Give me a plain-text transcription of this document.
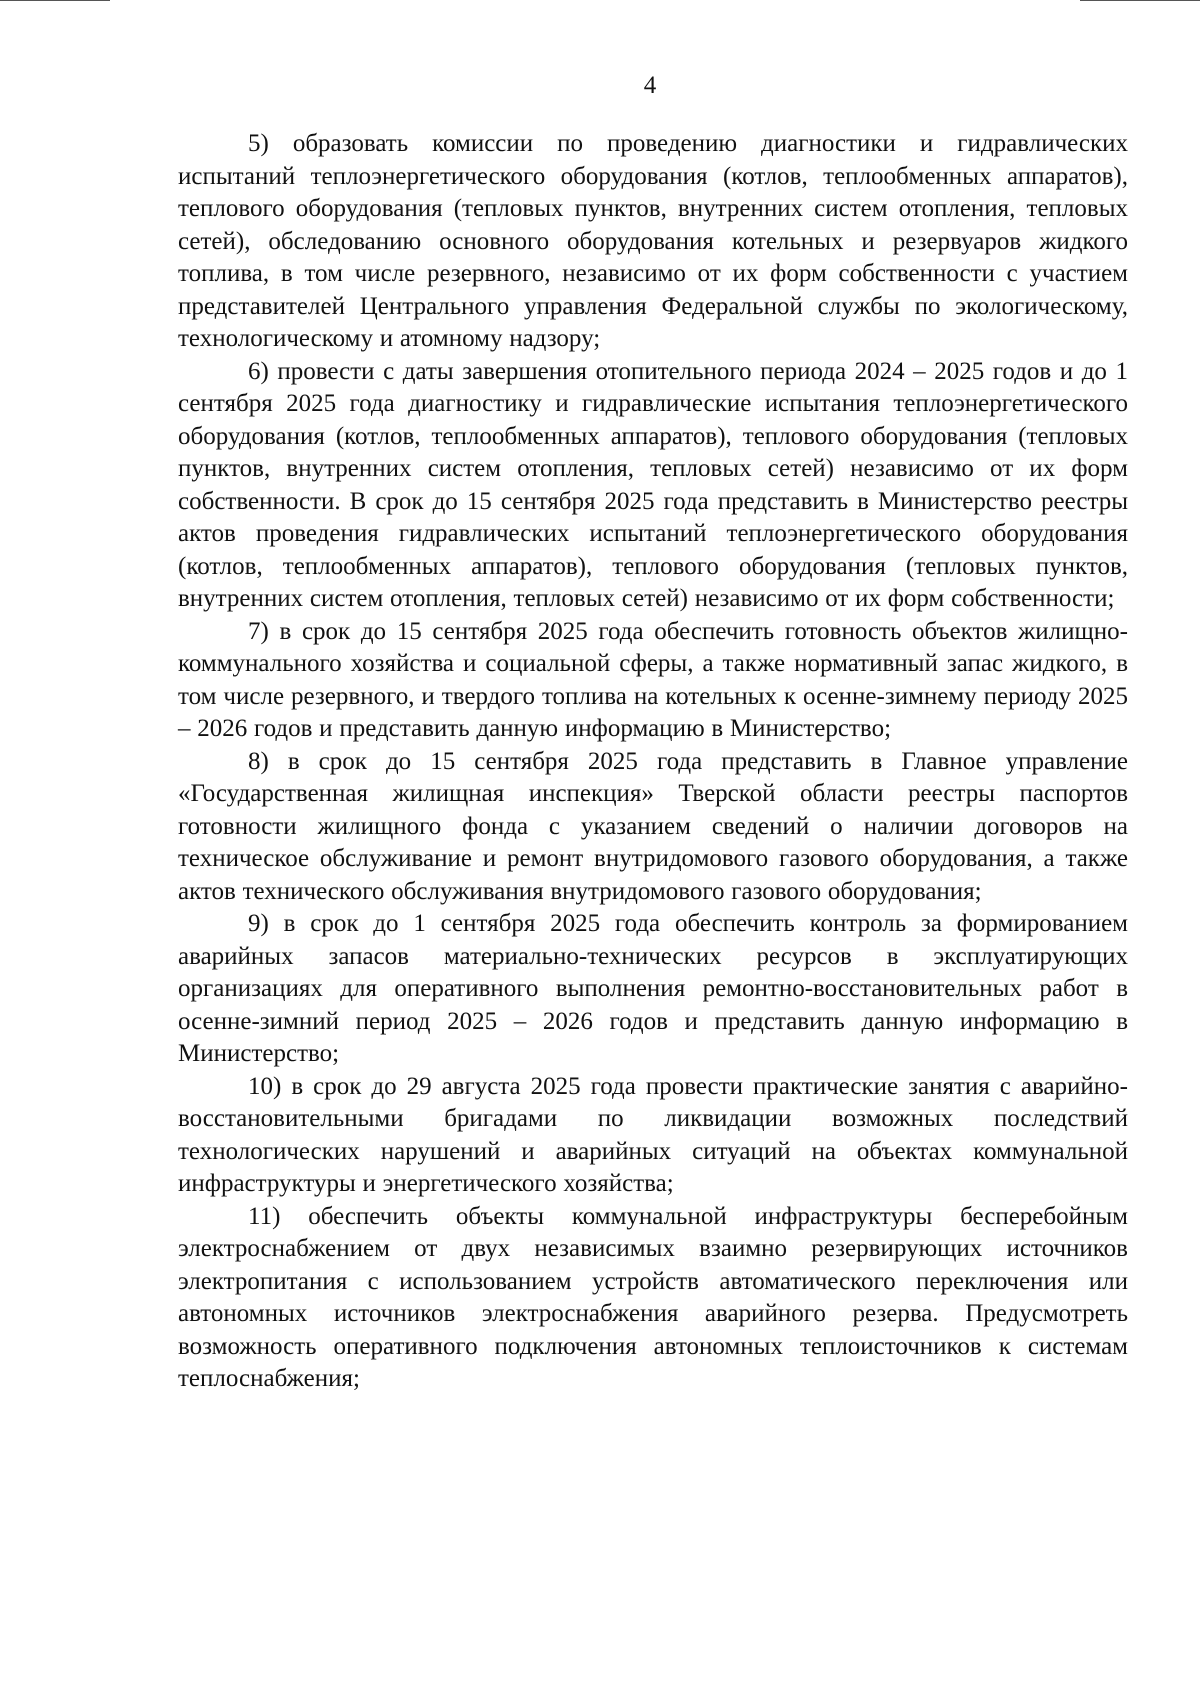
4

5) образовать комиссии по проведению диагностики и гидравлических испытаний теплоэнергетического оборудования (котлов, теплообменных аппаратов), теплового оборудования (тепловых пунктов, внутренних систем отопления, тепловых сетей), обследованию основного оборудования котельных и резервуаров жидкого топлива, в том числе резервного, независимо от их форм собственности с участием представителей Центрального управления Федеральной службы по экологическому, технологическому и атомному надзору;

6) провести с даты завершения отопительного периода 2024 – 2025 годов и до 1 сентября 2025 года диагностику и гидравлические испытания теплоэнергетического оборудования (котлов, теплообменных аппаратов), теплового оборудования (тепловых пунктов, внутренних систем отопления, тепловых сетей) независимо от их форм собственности. В срок до 15 сентября 2025 года представить в Министерство реестры актов проведения гидравлических испытаний теплоэнергетического оборудования (котлов, теплообменных аппаратов), теплового оборудования (тепловых пунктов, внутренних систем отопления, тепловых сетей) независимо от их форм собственности;

7) в срок до 15 сентября 2025 года обеспечить готовность объектов жилищно-коммунального хозяйства и социальной сферы, а также нормативный запас жидкого, в том числе резервного, и твердого топлива на котельных к осенне-зимнему периоду 2025 – 2026 годов и представить данную информацию в Министерство;

8) в срок до 15 сентября 2025 года представить в Главное управление «Государственная жилищная инспекция» Тверской области реестры паспортов готовности жилищного фонда с указанием сведений о наличии договоров на техническое обслуживание и ремонт внутридомового газового оборудования, а также актов технического обслуживания внутридомового газового оборудования;

9) в срок до 1 сентября 2025 года обеспечить контроль за формированием аварийных запасов материально-технических ресурсов в эксплуатирующих организациях для оперативного выполнения ремонтно-восстановительных работ в осенне-зимний период 2025 – 2026 годов и представить данную информацию в Министерство;

10) в срок до 29 августа 2025 года провести практические занятия с аварийно-восстановительными бригадами по ликвидации возможных последствий технологических нарушений и аварийных ситуаций на объектах коммунальной инфраструктуры и энергетического хозяйства;

11) обеспечить объекты коммунальной инфраструктуры бесперебойным электроснабжением от двух независимых взаимно резервирующих источников электропитания с использованием устройств автоматического переключения или автономных источников электроснабжения аварийного резерва. Предусмотреть возможность оперативного подключения автономных теплоисточников к системам теплоснабжения;
